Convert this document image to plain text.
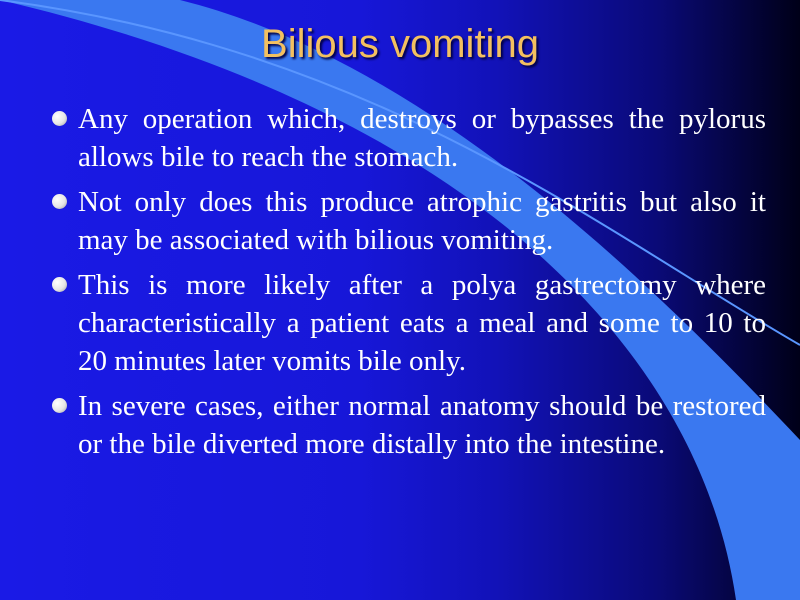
Bilious vomiting
Any operation which, destroys or bypasses the pylorus allows bile to reach the stomach.
Not only does this produce atrophic gastritis but also it may be associated with bilious vomiting.
This is more likely after a polya gastrectomy where characteristically a patient eats a meal and some to 10 to 20 minutes later vomits bile only.
In severe cases, either normal anatomy should be restored or the bile diverted more distally into the intestine.
